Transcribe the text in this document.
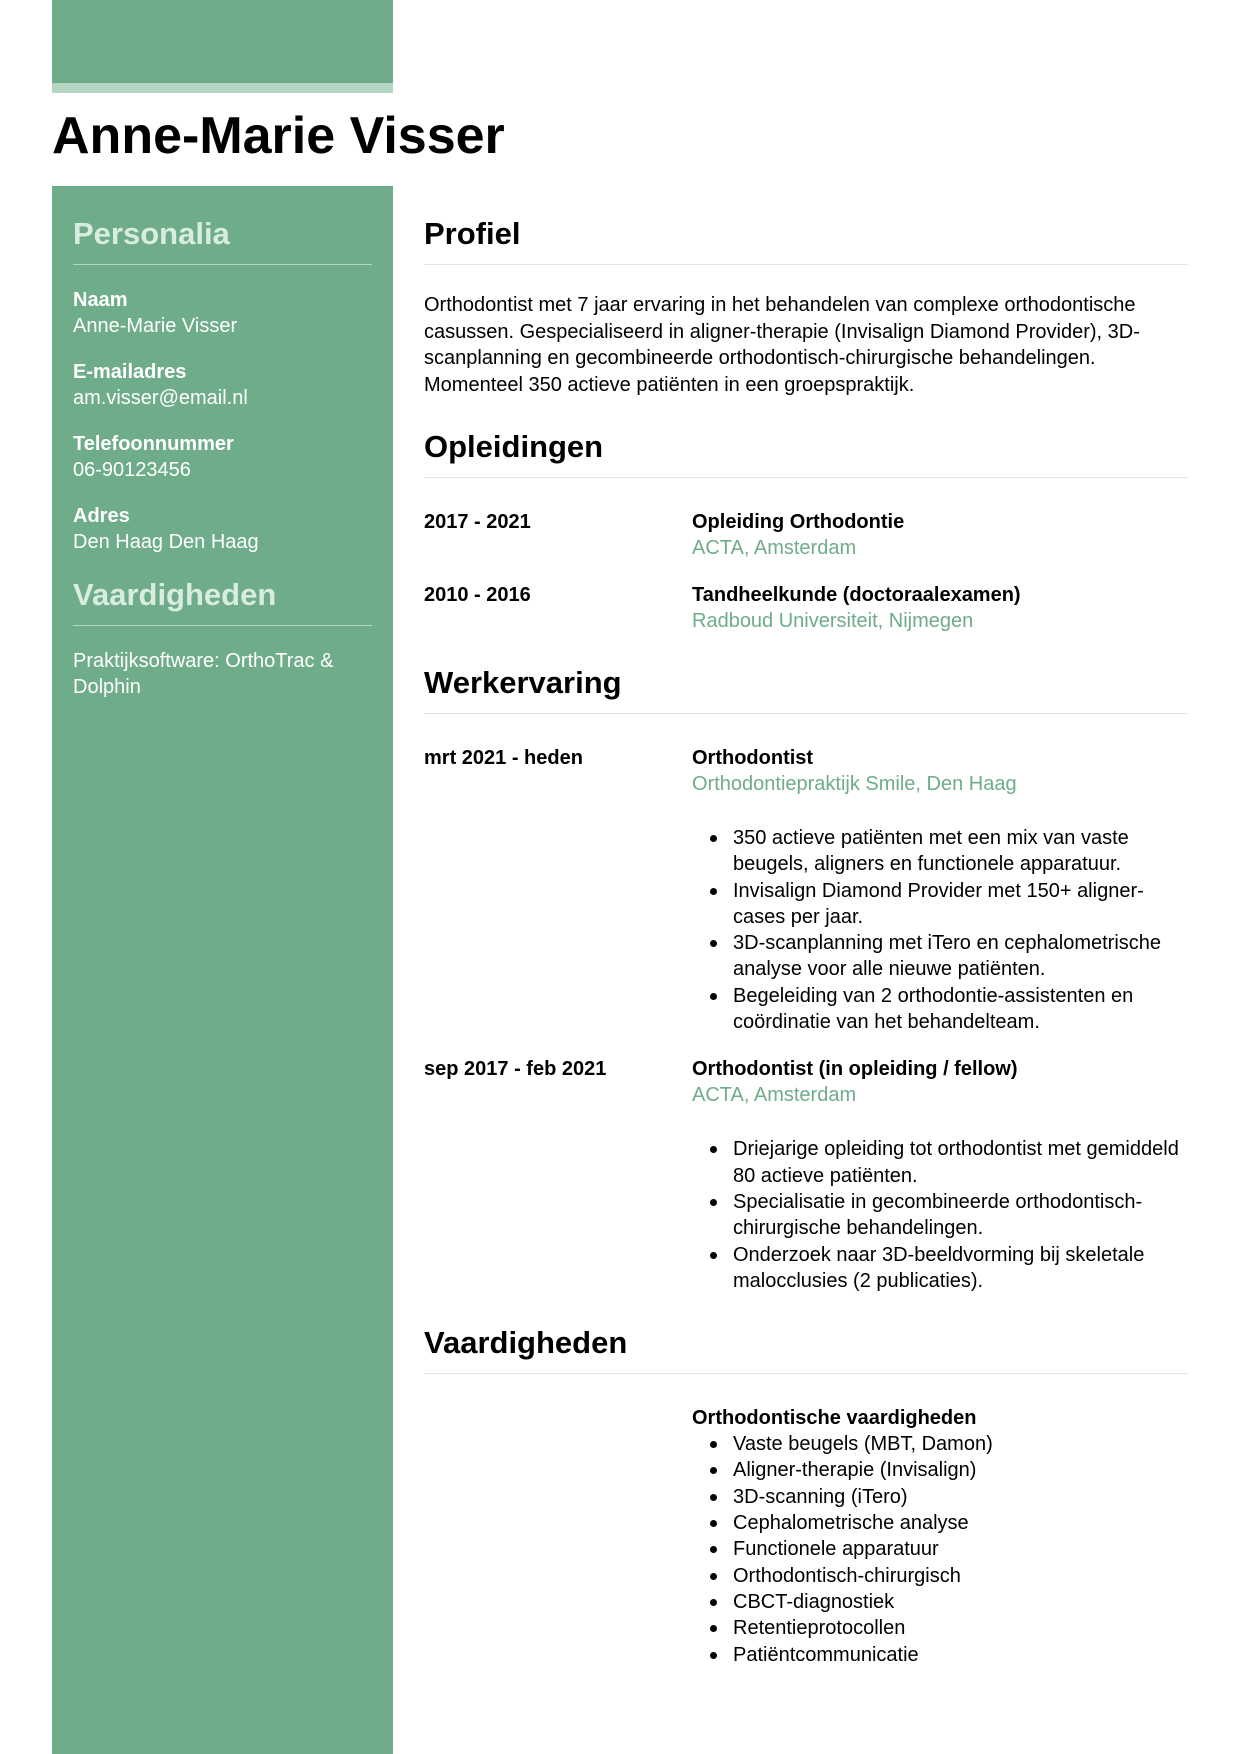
Anne-Marie Visser
Personalia
Naam
Anne-Marie Visser
E-mailadres
am.visser@email.nl
Telefoonnummer
06-90123456
Adres
Den Haag Den Haag
Vaardigheden
Praktijksoftware: OrthoTrac & Dolphin
Profiel

Orthodontist met 7 jaar ervaring in het behandelen van complexe orthodontische casussen. Gespecialiseerd in aligner-therapie (Invisalign Diamond Provider), 3D-scanplanning en gecombineerde orthodontisch-chirurgische behandelingen. Momenteel 350 actieve patiënten in een groepspraktijk.

Opleidingen
2017 - 2021	Opleiding Orthodontie
ACTA, Amsterdam
2010 - 2016	Tandheelkunde (doctoraalexamen)
Radboud Universiteit, Nijmegen
Werkervaring
mrt 2021 - heden	Orthodontist
Orthodontiepraktijk Smile, Den Haag
350 actieve patiënten met een mix van vaste beugels, aligners en functionele apparatuur.
Invisalign Diamond Provider met 150+ aligner-cases per jaar.
3D-scanplanning met iTero en cephalometrische analyse voor alle nieuwe patiënten.
Begeleiding van 2 orthodontie-assistenten en coördinatie van het behandelteam.
sep 2017 - feb 2021	Orthodontist (in opleiding / fellow)
ACTA, Amsterdam
Driejarige opleiding tot orthodontist met gemiddeld 80 actieve patiënten.
Specialisatie in gecombineerde orthodontisch-chirurgische behandelingen.
Onderzoek naar 3D-beeldvorming bij skeletale malocclusies (2 publicaties).
Vaardigheden
Orthodontische vaardigheden
Vaste beugels (MBT, Damon)
Aligner-therapie (Invisalign)
3D-scanning (iTero)
Cephalometrische analyse
Functionele apparatuur
Orthodontisch-chirurgisch
CBCT-diagnostiek
Retentieprotocollen
Patiëntcommunicatie
